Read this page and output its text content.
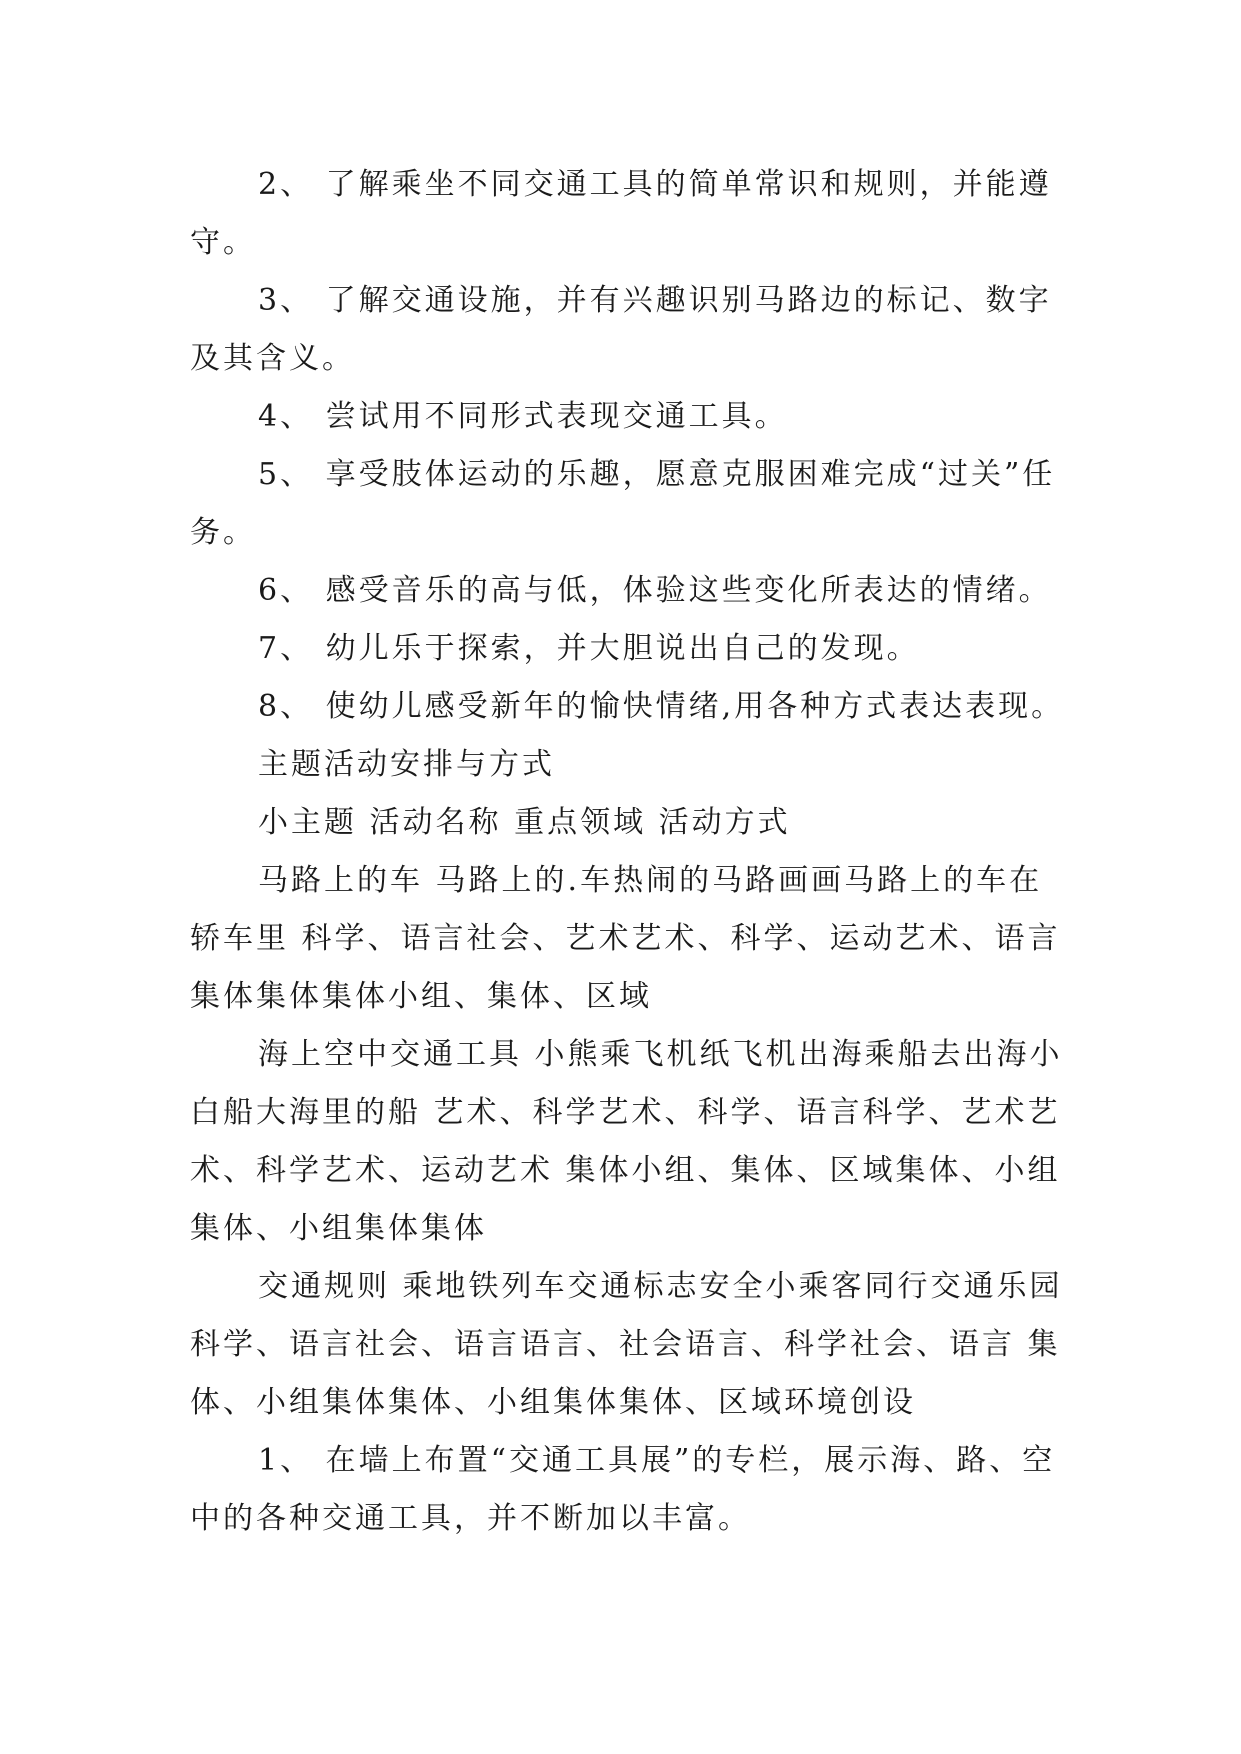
2、 了解乘坐不同交通工具的简单常识和规则，并能遵守。

3、 了解交通设施，并有兴趣识别马路边的标记、数字及其含义。

4、 尝试用不同形式表现交通工具。

5、 享受肢体运动的乐趣，愿意克服困难完成“过关”任务。

6、 感受音乐的高与低，体验这些变化所表达的情绪。

7、 幼儿乐于探索，并大胆说出自己的发现。

8、 使幼儿感受新年的愉快情绪,用各种方式表达表现。

主题活动安排与方式

小主题 活动名称 重点领域 活动方式

马路上的车 马路上的.车热闹的马路画画马路上的车在轿车里 科学、语言社会、艺术艺术、科学、运动艺术、语言 集体集体集体小组、集体、区域

海上空中交通工具 小熊乘飞机纸飞机出海乘船去出海小白船大海里的船 艺术、科学艺术、科学、语言科学、艺术艺术、科学艺术、运动艺术 集体小组、集体、区域集体、小组集体、小组集体集体

交通规则 乘地铁列车交通标志安全小乘客同行交通乐园 科学、语言社会、语言语言、社会语言、科学社会、语言 集体、小组集体集体、小组集体集体、区域环境创设

1、 在墙上布置“交通工具展”的专栏，展示海、路、空中的各种交通工具，并不断加以丰富。
